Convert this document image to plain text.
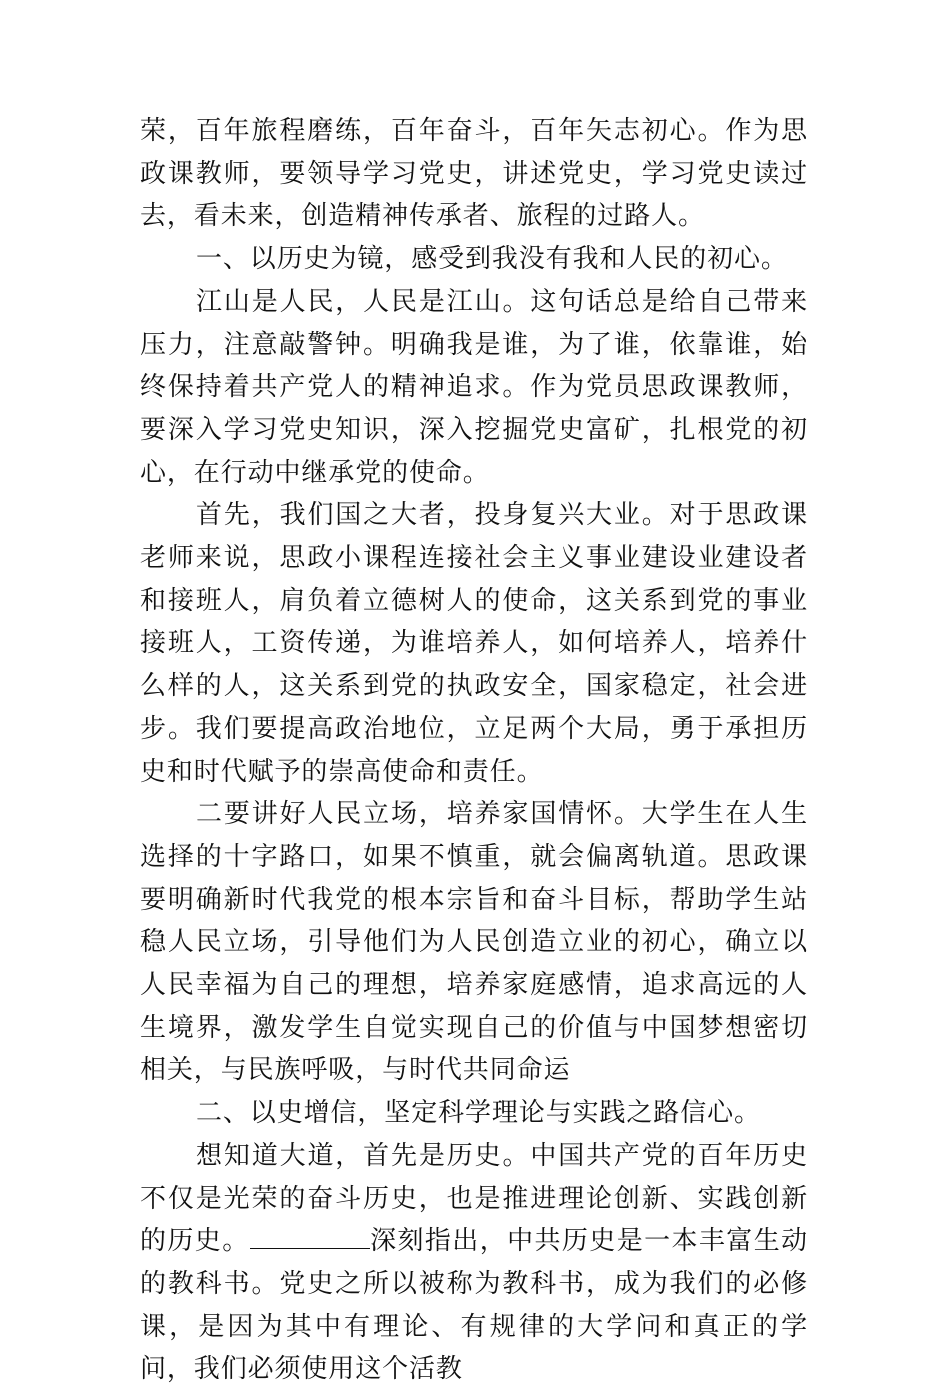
荣，百年旅程磨练，百年奋斗，百年矢志初心。作为思政课教师，要领导学习党史，讲述党史，学习党史读过去，看未来，创造精神传承者、旅程的过路人。

一、以历史为镜，感受到我没有我和人民的初心。

江山是人民，人民是江山。这句话总是给自己带来压力，注意敲警钟。明确我是谁，为了谁，依靠谁，始终保持着共产党人的精神追求。作为党员思政课教师，要深入学习党史知识，深入挖掘党史富矿，扎根党的初心，在行动中继承党的使命。

首先，我们国之大者，投身复兴大业。对于思政课老师来说，思政小课程连接社会主义事业建设业建设者和接班人，肩负着立德树人的使命，这关系到党的事业接班人，工资传递，为谁培养人，如何培养人，培养什么样的人，这关系到党的执政安全，国家稳定，社会进步。我们要提高政治地位，立足两个大局，勇于承担历史和时代赋予的崇高使命和责任。

二要讲好人民立场，培养家国情怀。大学生在人生选择的十字路口，如果不慎重，就会偏离轨道。思政课要明确新时代我党的根本宗旨和奋斗目标，帮助学生站稳人民立场，引导他们为人民创造立业的初心，确立以人民幸福为自己的理想，培养家庭感情，追求高远的人生境界，激发学生自觉实现自己的价值与中国梦想密切相关，与民族呼吸，与时代共同命运

二、以史增信，坚定科学理论与实践之路信心。

想知道大道，首先是历史。中国共产党的百年历史不仅是光荣的奋斗历史，也是推进理论创新、实践创新的历史。	深刻指出，中共历史是一本丰富生动的教科书。党史之所以被称为教科书，成为我们的必修课，是因为其中有理论、有规律的大学问和真正的学问，我们必须使用这个活教
